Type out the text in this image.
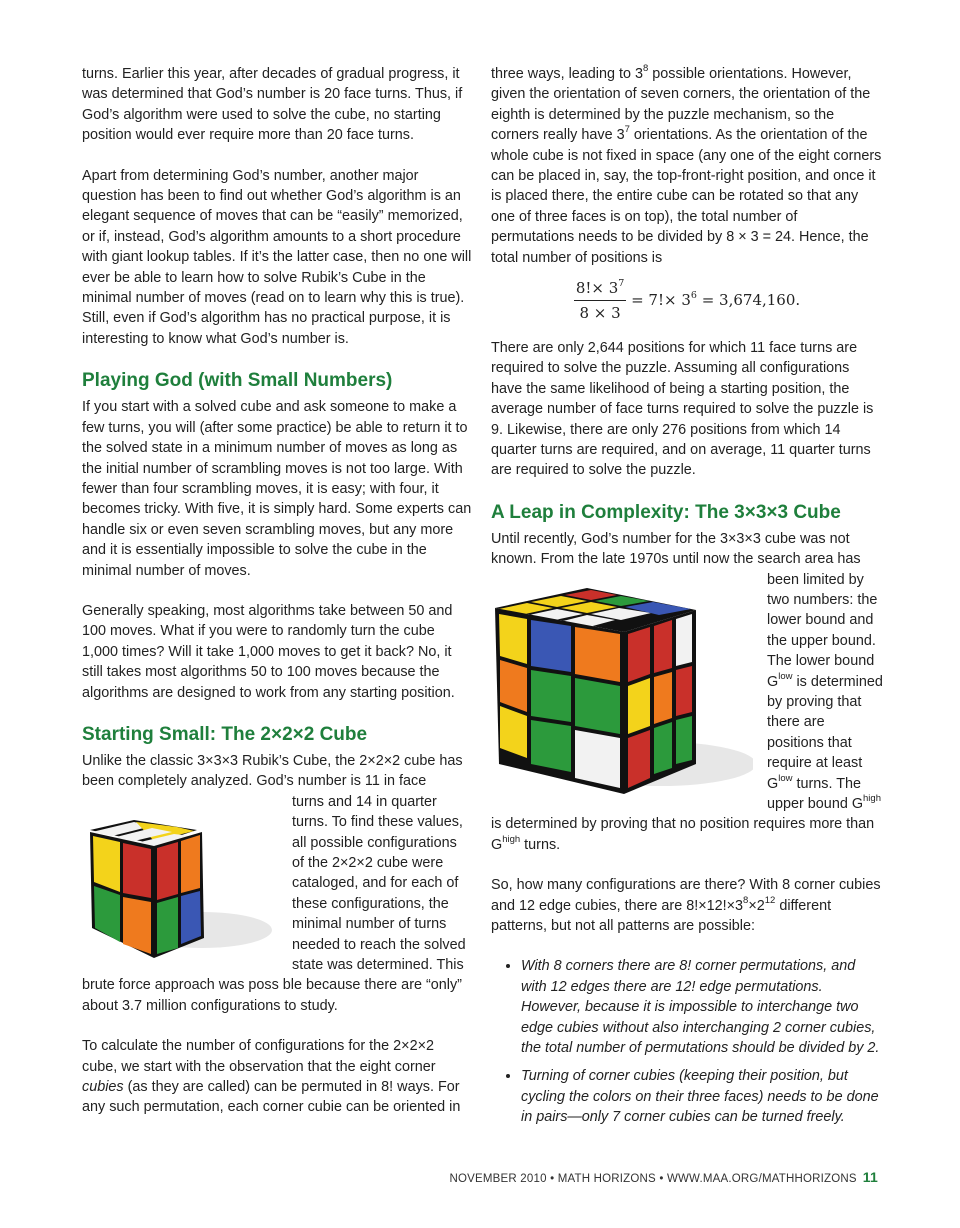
turns. Earlier this year, after decades of gradual progress, it was determined that God’s number is 20 face turns. Thus, if God’s algorithm were used to solve the cube, no starting position would ever require more than 20 face turns.

Apart from determining God’s number, another major question has been to find out whether God’s algorithm is an elegant sequence of moves that can be “easily” memorized, or if, instead, God’s algorithm amounts to a short procedure with giant lookup tables. If it’s the latter case, then no one will ever be able to learn how to solve Rubik’s Cube in the minimal number of moves (read on to learn why this is true). Still, even if God’s algorithm has no practical purpose, it is interesting to know what God’s number is.

Playing God (with Small Numbers)

If you start with a solved cube and ask someone to make a few turns, you will (after some practice) be able to return it to the solved state in a minimum number of moves as long as the initial number of scrambling moves is not too large. With fewer than four scrambling moves, it is easy; with four, it becomes tricky. With five, it is simply hard. Some experts can handle six or even seven scrambling moves, but any more and it is essentially impossible to solve the cube in the minimal number of moves.

Generally speaking, most algorithms take between 50 and 100 moves. What if you were to randomly turn the cube 1,000 times? Will it take 1,000 moves to get it back? No, it still takes most algorithms 50 to 100 moves because the algorithms are designed to work from any starting position.

Starting Small: The 2×2×2 Cube
Unlike the classic 3×3×3 Rubik’s Cube, the 2×2×2 cube has been completely analyzed. God’s number is 11 in face

turns and 14 in quarter turns. To find these values, all possible configurations of the 2×2×2 cube were cataloged, and for each of these configurations, the minimal number of turns needed to reach the solved state was determined. This brute force approach was poss ble because there are “only” about 3.7 million configurations to study.

To calculate the number of configurations for the 2×2×2 cube, we start with the observation that the eight corner cubies (as they are called) can be permuted in 8! ways. For any such permutation, each corner cubie can be oriented in

three ways, leading to $3^8$ possible orientations. However, given the orientation of seven corners, the orientation of the eighth is determined by the puzzle mechanism, so the corners really have $3^7$ orientations. As the orientation of the whole cube is not fixed in space (any one of the eight corners can be placed in, say, the top-front-right position, and once it is placed there, the entire cube can be rotated so that any one of three faces is on top), the total number of permutations needs to be divided by 8 × 3 = 24. Hence, the total number of positions is

$\frac{8!\times 3^7}{8 \times 3} = 7!\times 3^6 = 3,674,160$.

There are only 2,644 positions for which 11 face turns are required to solve the puzzle. Assuming all configurations have the same likelihood of being a starting position, the average number of face turns required to solve the puzzle is 9. Likewise, there are only 276 positions from which 14 quarter turns are required, and on average, 11 quarter turns are required to solve the puzzle.

A Leap in Complexity: The 3×3×3 Cube
Until recently, God’s number for the 3×3×3 cube was not known. From the late 1970s until now the search area has

been limited by two numbers: the lower bound and the upper bound. The lower bound $G^{low}$ is determined by proving that there are positions that require at least $G^{low}$ turns. The upper bound $G^{high}$ is determined by proving that no position requires more than $G^{high}$ turns.

So, how many configurations are there? With 8 corner cubies and 12 edge cubies, there are $8!\times 12!\times 3^8\times 2^{12}$ different patterns, but not all patterns are possible:

• With 8 corners there are 8! corner permutations, and with 12 edges there are 12! edge permutations. However, because it is impossible to interchange two edge cubies without also interchanging 2 corner cubies, the total number of permutations should be divided by 2.
• Turning of corner cubies (keeping their position, but cycling the colors on their three faces) needs to be done in pairs—only 7 corner cubies can be turned freely.
NOVEMBER 2010 • MATH HORIZONS • WWW.MAA.ORG/MATHHORIZONS 11
